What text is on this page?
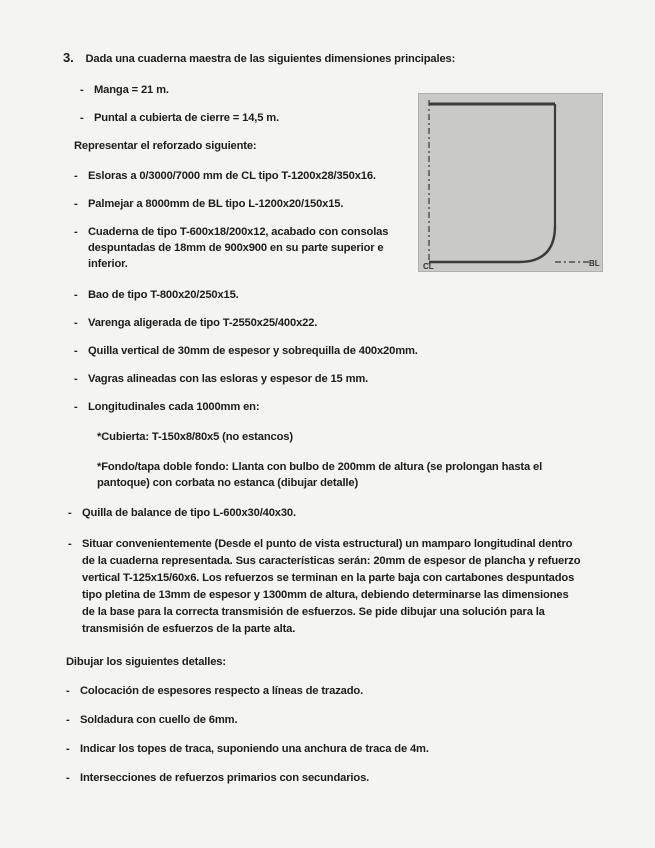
3. Dada una cuaderna maestra de las siguientes dimensiones principales:
- Manga = 21 m.
- Puntal a cubierta de cierre = 14,5 m.
Representar el reforzado siguiente:
- Esloras a 0/3000/7000 mm de CL tipo T-1200x28/350x16.
- Palmejar a 8000mm de BL tipo L-1200x20/150x15.
- Cuaderna de tipo T-600x18/200x12, acabado con consolas
despuntadas de 18mm de 900x900 en su parte superior e
inferior.
- Bao de tipo T-800x20/250x15.
- Varenga aligerada de tipo T-2550x25/400x22.
- Quilla vertical de 30mm de espesor y sobrequilla de 400x20mm.
- Vagras alineadas con las esloras y espesor de 15 mm.
- Longitudinales cada 1000mm en:
*Cubierta: T-150x8/80x5 (no estancos)
*Fondo/tapa doble fondo: Llanta con bulbo de 200mm de altura (se prolongan hasta el
pantoque) con corbata no estanca (dibujar detalle)
- Quilla de balance de tipo L-600x30/40x30.
- Situar convenientemente (Desde el punto de vista estructural) un mamparo longitudinal dentro
de la cuaderna representada. Sus características serán: 20mm de espesor de plancha y refuerzo
vertical T-125x15/60x6. Los refuerzos se terminan en la parte baja con cartabones despuntados
tipo pletina de 13mm de espesor y 1300mm de altura, debiendo determinarse las dimensiones
de la base para la correcta transmisión de esfuerzos. Se pide dibujar una solución para la
transmisión de esfuerzos de la parte alta.
Dibujar los siguientes detalles:
- Colocación de espesores respecto a líneas de trazado.
- Soldadura con cuello de 6mm.
- Indicar los topes de traca, suponiendo una anchura de traca de 4m.
- Intersecciones de refuerzos primarios con secundarios.
CL	BL
